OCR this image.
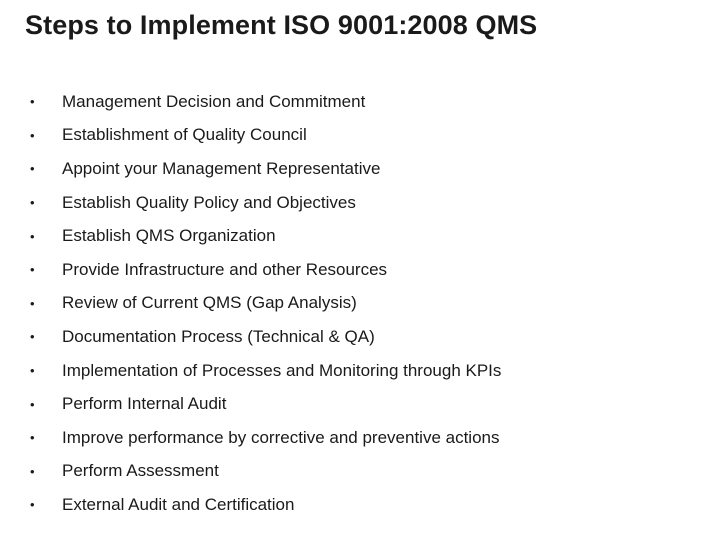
Steps to Implement ISO 9001:2008 QMS
•	Management Decision and Commitment
•	Establishment of Quality Council
•	Appoint your Management Representative
•	Establish Quality Policy and Objectives
•	Establish QMS Organization
•	Provide Infrastructure and other Resources
•	Review of Current QMS (Gap Analysis)
•	Documentation Process (Technical & QA)
•	Implementation of Processes and Monitoring through KPIs
•	Perform Internal Audit
•	Improve performance by corrective and preventive actions
•	Perform Assessment
•	External Audit and Certification
